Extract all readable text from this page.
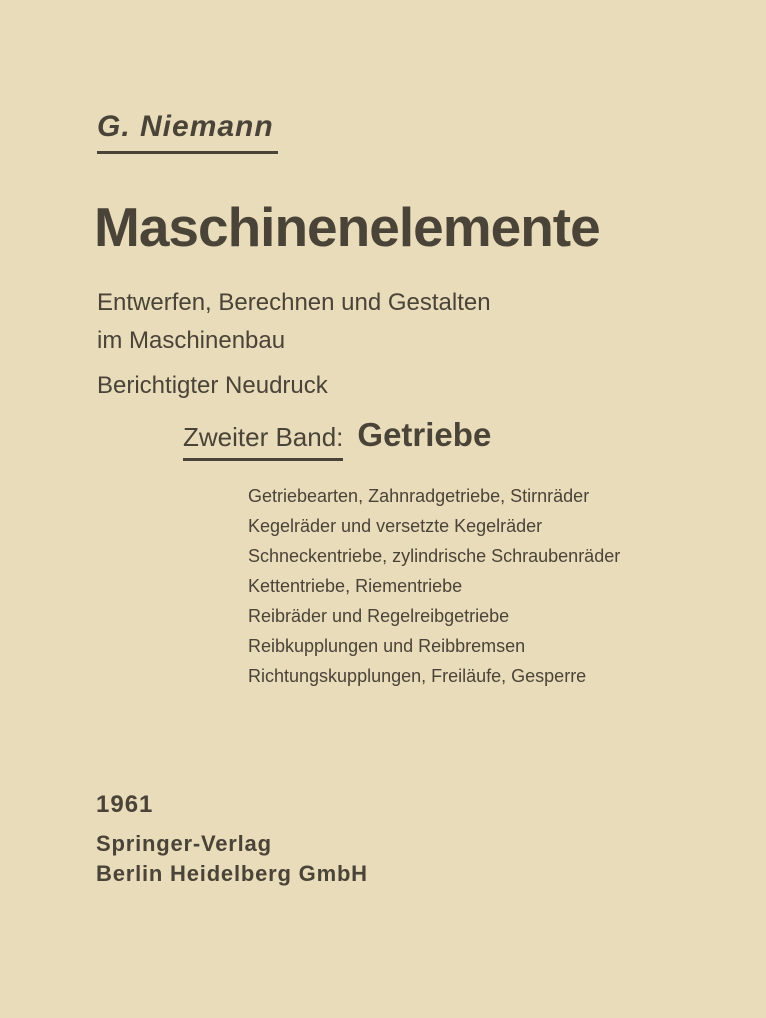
G. Niemann
Maschinenelemente
Entwerfen, Berechnen und Gestalten
im Maschinenbau
Berichtigter Neudruck
Zweiter Band: Getriebe
Getriebearten, Zahnradgetriebe, Stirnräder
Kegelräder und versetzte Kegelräder
Schneckentriebe, zylindrische Schraubenräder
Kettentriebe, Riementriebe
Reibräder und Regelreibgetriebe
Reibkupplungen und Reibbremsen
Richtungskupplungen, Freiläufe, Gesperre
1961
Springer-Verlag
Berlin Heidelberg GmbH
